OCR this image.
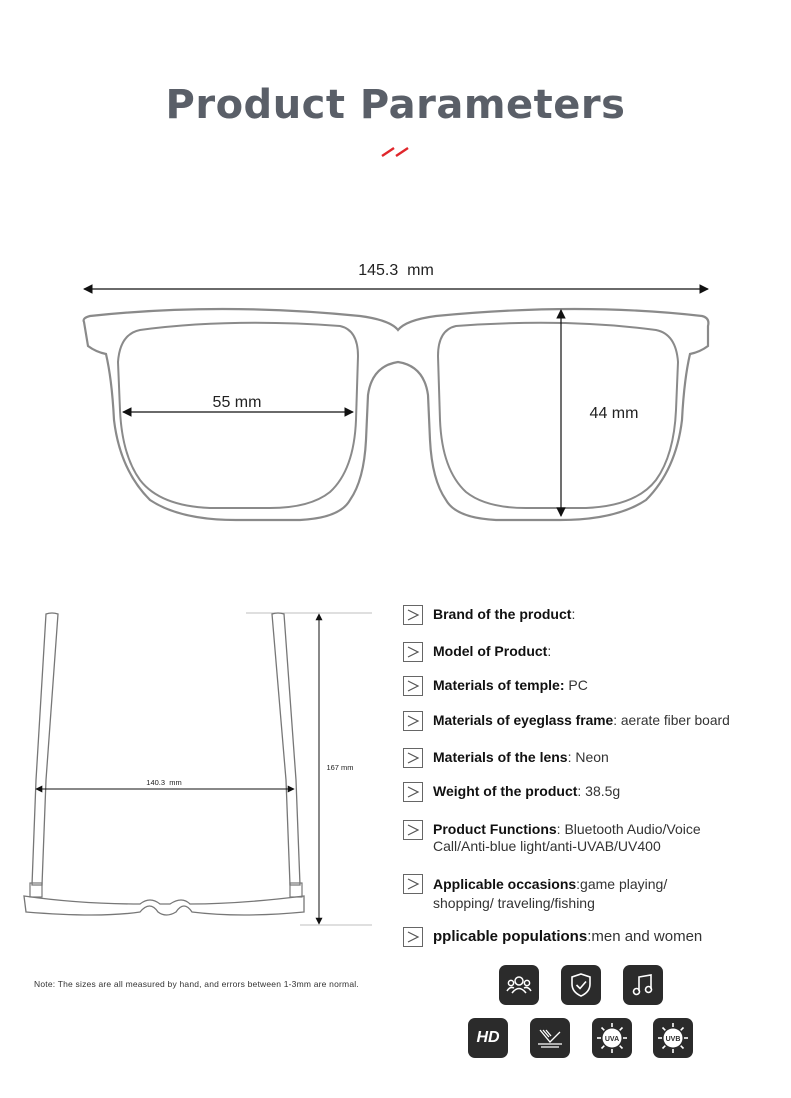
Product Parameters
145.3  mm
55 mm
44 mm
140.3  mm
167 mm
Brand of the product:
Model of Product:
Materials of temple: PC
Materials of eyeglass frame: aerate fiber board
Materials of the lens: Neon
Weight of the product: 38.5g
Product Functions: Bluetooth Audio/Voice Call/Anti-blue light/anti-UVAB/UV400
Applicable occasions:game playing/ shopping/ traveling/fishing
pplicable populations:men and women
Note: The sizes are all measured by hand, and errors between 1-3mm are normal.
HD	UVA	UVB
